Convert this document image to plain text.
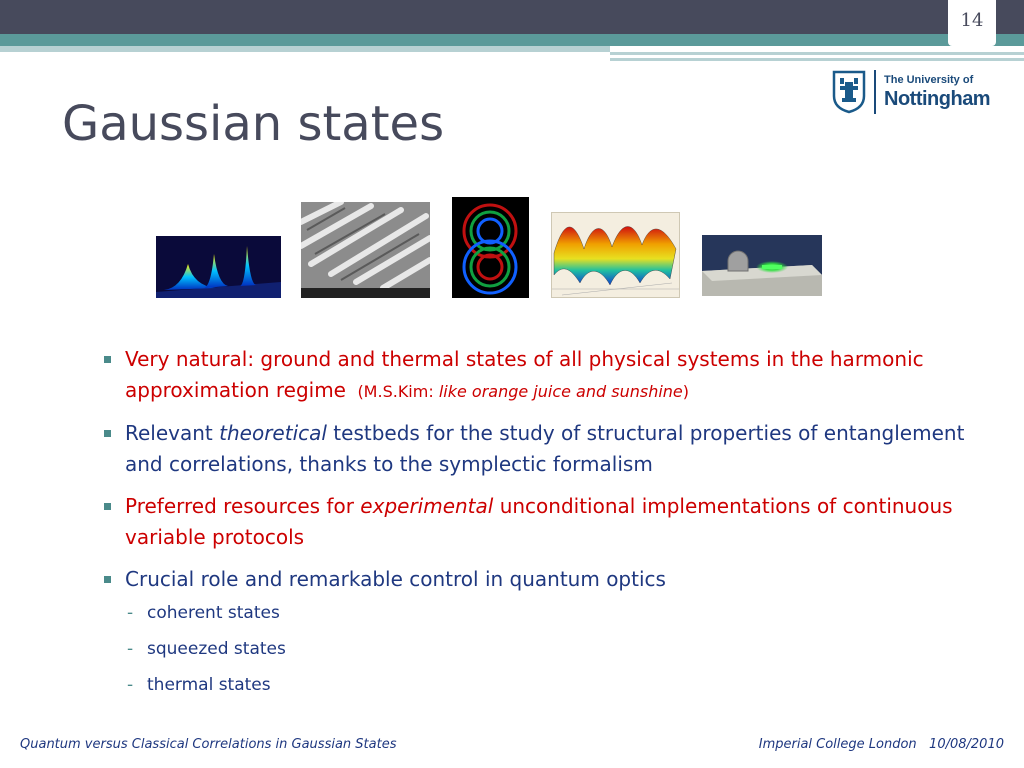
14
Gaussian states
The University of
Nottingham
Very natural: ground and thermal states of all physical systems in the harmonic approximation regime (M.S.Kim: like orange juice and sunshine)
Relevant theoretical testbeds for the study of structural properties of entanglement and correlations, thanks to the symplectic formalism
Preferred resources for experimental unconditional implementations of continuous variable protocols
Crucial role and remarkable control in quantum optics
- coherent states
- squeezed states
- thermal states
Quantum versus Classical Correlations in Gaussian States	Imperial College London   10/08/2010
